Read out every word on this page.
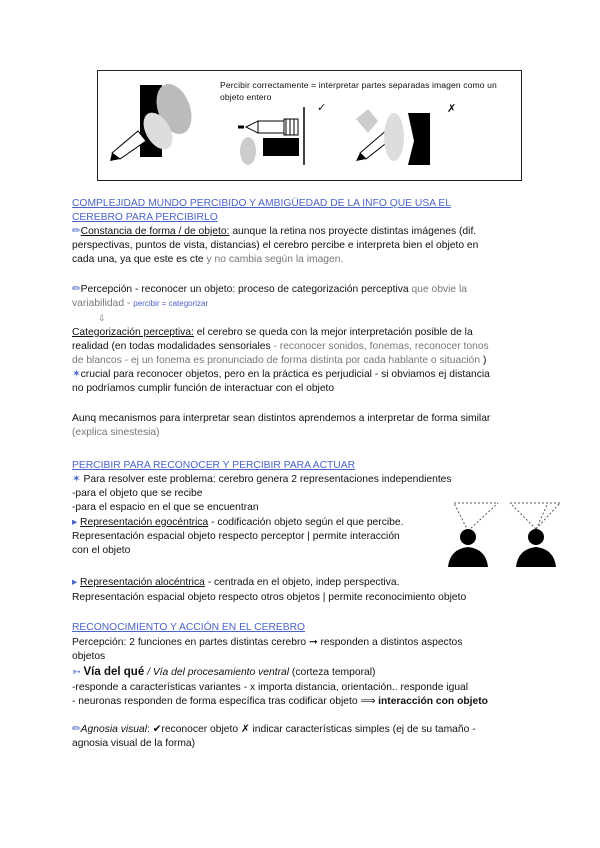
Percibir correctamente = interpretar partes separadas imagen como un objeto entero
✓	✗
COMPLEJIDAD MUNDO PERCIBIDO Y AMBIGÜEDAD DE LA INFO QUE USA EL
CEREBRO PARA PERCIBIRLO
✏Constancia de forma / de objeto: aunque la retina nos proyecte distintas imágenes (dif.
perspectivas, puntos de vista, distancias) el cerebro percibe e interpreta bien el objeto en
cada una, ya que este es cte y no cambia según la imagen.
✏Percepción - reconocer un objeto: proceso de categorización perceptiva que obvie la
variabilidad - percibir = categorizar
⇩
Categorización perceptiva: el cerebro se queda con la mejor interpretación posible de la
realidad (en todas modalidades sensoriales - reconocer sonidos, fonemas, reconocer tonos
de blancos - ej un fonema es pronunciado de forma distinta por cada hablante o situación )
✶crucial para reconocer objetos, pero en la práctica es perjudicial - si obviamos ej distancia
no podríamos cumplir función de interactuar con el objeto
Aunq mecanismos para interpretar sean distintos aprendemos a interpretar de forma similar
(explica sinestesia)
PERCIBIR PARA RECONOCER Y PERCIBIR PARA ACTUAR
✶ Para resolver este problema: cerebro genera 2 representaciones independientes
-para el objeto que se recibe
-para el espacio en el que se encuentran
▸ Representación egocéntrica - codificación objeto según el que percibe.
Representación espacial objeto respecto perceptor | permite interacción
con el objeto
▸ Representación alocéntrica - centrada en el objeto, indep perspectiva.
Representación espacial objeto respecto otros objetos | permite reconocimiento objeto
RECONOCIMIENTO Y ACCIÓN EN EL CEREBRO
Percepción: 2 funciones en partes distintas cerebro ➞ responden a distintos aspectos
objetos
➳ Vía del qué / Vía del procesamiento ventral (corteza temporal)
-responde a características variantes - x importa distancia, orientación.. responde igual
- neuronas responden de forma específica tras codificar objeto ⟹ interacción con objeto
✏Agnosia visual: ✔reconocer objeto ✗ indicar características simples (ej de su tamaño -
agnosia visual de la forma)
